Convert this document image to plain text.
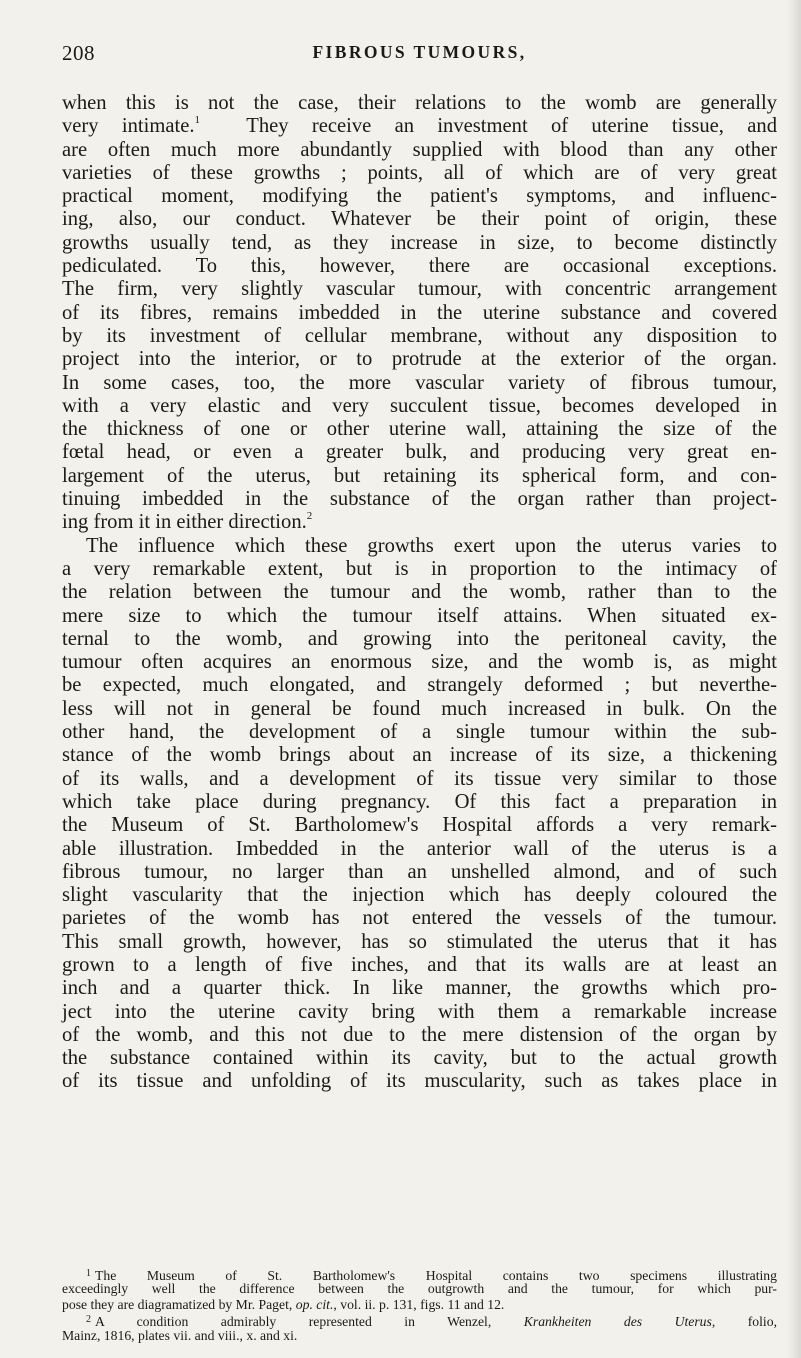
208	FIBROUS TUMOURS,
when this is not the case, their relations to the womb are generally
very intimate.$^1$ They receive an investment of uterine tissue, and
are often much more abundantly supplied with blood than any other
varieties of these growths ; points, all of which are of very great
practical moment, modifying the patient's symptoms, and influenc-
ing, also, our conduct. Whatever be their point of origin, these
growths usually tend, as they increase in size, to become distinctly
pediculated. To this, however, there are occasional exceptions.
The firm, very slightly vascular tumour, with concentric arrangement
of its fibres, remains imbedded in the uterine substance and covered
by its investment of cellular membrane, without any disposition to
project into the interior, or to protrude at the exterior of the organ.
In some cases, too, the more vascular variety of fibrous tumour,
with a very elastic and very succulent tissue, becomes developed in
the thickness of one or other uterine wall, attaining the size of the
fœtal head, or even a greater bulk, and producing very great en-
largement of the uterus, but retaining its spherical form, and con-
tinuing imbedded in the substance of the organ rather than project-
ing from it in either direction.$^2$
The influence which these growths exert upon the uterus varies to
a very remarkable extent, but is in proportion to the intimacy of
the relation between the tumour and the womb, rather than to the
mere size to which the tumour itself attains. When situated ex-
ternal to the womb, and growing into the peritoneal cavity, the
tumour often acquires an enormous size, and the womb is, as might
be expected, much elongated, and strangely deformed ; but neverthe-
less will not in general be found much increased in bulk. On the
other hand, the development of a single tumour within the sub-
stance of the womb brings about an increase of its size, a thickening
of its walls, and a development of its tissue very similar to those
which take place during pregnancy. Of this fact a preparation in
the Museum of St. Bartholomew's Hospital affords a very remark-
able illustration. Imbedded in the anterior wall of the uterus is a
fibrous tumour, no larger than an unshelled almond, and of such
slight vascularity that the injection which has deeply coloured the
parietes of the womb has not entered the vessels of the tumour.
This small growth, however, has so stimulated the uterus that it has
grown to a length of five inches, and that its walls are at least an
inch and a quarter thick. In like manner, the growths which pro-
ject into the uterine cavity bring with them a remarkable increase
of the womb, and this not due to the mere distension of the organ by
the substance contained within its cavity, but to the actual growth
of its tissue and unfolding of its muscularity, such as takes place in
$^1$ The Museum of St. Bartholomew's Hospital contains two specimens illustrating
exceedingly well the difference between the outgrowth and the tumour, for which pur-
pose they are diagramatized by Mr. Paget, op. cit., vol. ii. p. 131, figs. 11 and 12.
$^2$ A condition admirably represented in Wenzel, Krankheiten des Uterus, folio,
Mainz, 1816, plates vii. and viii., x. and xi.
